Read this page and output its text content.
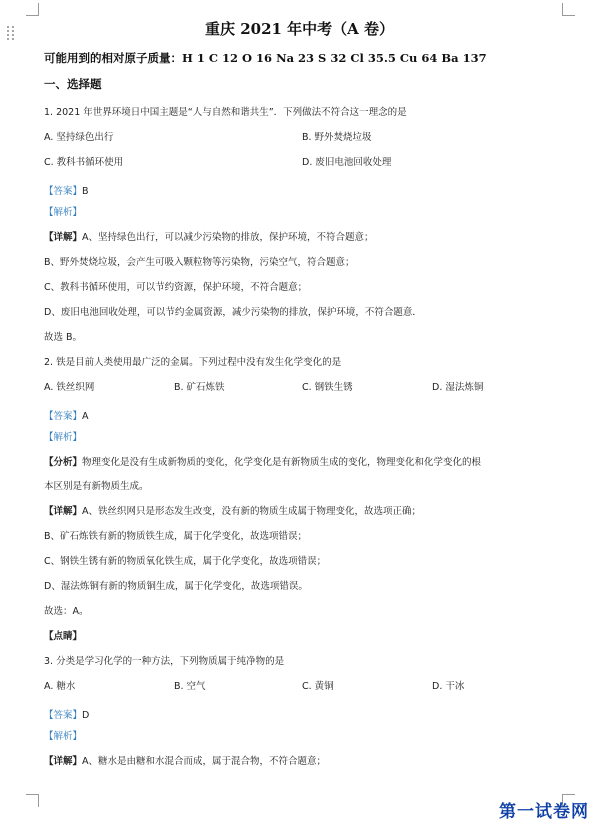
重庆 2021 年中考（A 卷）
可能用到的相对原子质量：H 1 C 12 O 16 Na 23 S 32 Cl 35.5 Cu 64 Ba 137
一、选择题
1. 2021 年世界环境日中国主题是“人与自然和谐共生”．下列做法不符合这一理念的是
A. 坚持绿色出行	B. 野外焚烧垃圾
C. 教科书循环使用	D. 废旧电池回收处理
【答案】B
【解析】
【详解】A、坚持绿色出行，可以减少污染物的排放，保护环境，不符合题意；
B、野外焚烧垃圾，会产生可吸入颗粒物等污染物，污染空气，符合题意；
C、教科书循环使用，可以节约资源，保护环境，不符合题意；
D、废旧电池回收处理，可以节约金属资源，减少污染物的排放，保护环境，不符合题意．
故选 B。
2. 铁是目前人类使用最广泛的金属。下列过程中没有发生化学变化的是
A. 铁丝织网	B. 矿石炼铁	C. 钢铁生锈	D. 湿法炼铜
【答案】A
【解析】
【分析】物理变化是没有生成新物质的变化，化学变化是有新物质生成的变化，物理变化和化学变化的根
本区别是有新物质生成。
【详解】A、铁丝织网只是形态发生改变，没有新的物质生成属于物理变化，故选项正确；
B、矿石炼铁有新的物质铁生成，属于化学变化，故选项错误；
C、钢铁生锈有新的物质氧化铁生成，属于化学变化，故选项错误；
D、湿法炼铜有新的物质铜生成，属于化学变化，故选项错误。
故选：A。
【点睛】
3. 分类是学习化学的一种方法，下列物质属于纯净物的是
A. 糖水	B. 空气	C. 黄铜	D. 干冰
【答案】D
【解析】
【详解】A、糖水是由糖和水混合而成，属于混合物，不符合题意；
第一试卷网
